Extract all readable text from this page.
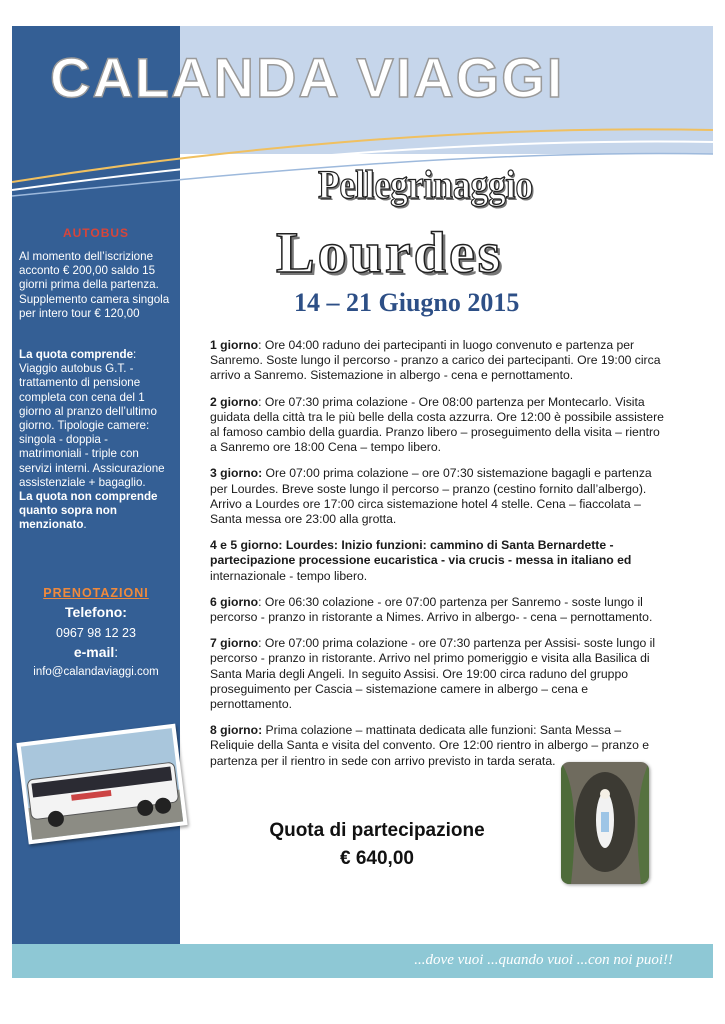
CALANDA VIAGGI
Pellegrinaggio
Lourdes
14 – 21 Giugno 2015
AUTOBUS
Al momento dell’iscrizione acconto € 200,00 saldo 15 giorni prima della partenza. Supplemento camera singola per intero tour € 120,00
La quota comprende: Viaggio autobus G.T. - trattamento di pensione completa con cena del 1 giorno al pranzo dell’ultimo giorno. Tipologie camere: singola - doppia - matrimoniali - triple con servizi interni. Assicurazione assistenziale + bagaglio.
La quota non comprende quanto sopra non menzionato.
PRENOTAZIONI
Telefono:
0967 98 12 23
e-mail:
info@calandaviaggi.com

1 giorno: Ore 04:00 raduno dei partecipanti in luogo convenuto e partenza per Sanremo. Soste lungo il percorso - pranzo a carico dei partecipanti. Ore 19:00 circa arrivo a Sanremo. Sistemazione in albergo - cena e pernottamento.

2 giorno: Ore 07:30 prima colazione - Ore 08:00 partenza per Montecarlo. Visita guidata della città tra le più belle della costa azzurra. Ore 12:00 è possibile assistere al famoso cambio della guardia. Pranzo libero – proseguimento della visita – rientro a Sanremo ore 18:00 Cena – tempo libero.

3 giorno: Ore 07:00 prima colazione – ore 07:30 sistemazione bagagli e partenza per Lourdes. Breve soste lungo il percorso – pranzo (cestino fornito dall’albergo). Arrivo a Lourdes ore 17:00 circa sistemazione hotel 4 stelle. Cena – fiaccolata – Santa messa ore 23:00 alla grotta.

4 e 5 giorno: Lourdes: Inizio funzioni: cammino di Santa Bernardette - partecipazione processione eucaristica - via crucis - messa in italiano ed internazionale - tempo libero.

6 giorno: Ore 06:30 colazione - ore 07:00 partenza per Sanremo - soste lungo il percorso - pranzo in ristorante a Nimes. Arrivo in albergo- - cena – pernottamento.

7 giorno: Ore 07:00 prima colazione - ore 07:30 partenza per Assisi- soste lungo il percorso - pranzo in ristorante. Arrivo nel primo pomeriggio e visita alla Basilica di Santa Maria degli Angeli. In seguito Assisi. Ore 19:00 circa raduno del gruppo proseguimento per Cascia – sistemazione camere in albergo – cena e pernottamento.

8 giorno: Prima colazione – mattinata dedicata alle funzioni: Santa Messa – Reliquie della Santa e visita del convento. Ore 12:00 rientro in albergo – pranzo e partenza per il rientro in sede con arrivo previsto in tarda serata.

Quota di partecipazione
€ 640,00
...dove vuoi ...quando vuoi ...con noi puoi!!
